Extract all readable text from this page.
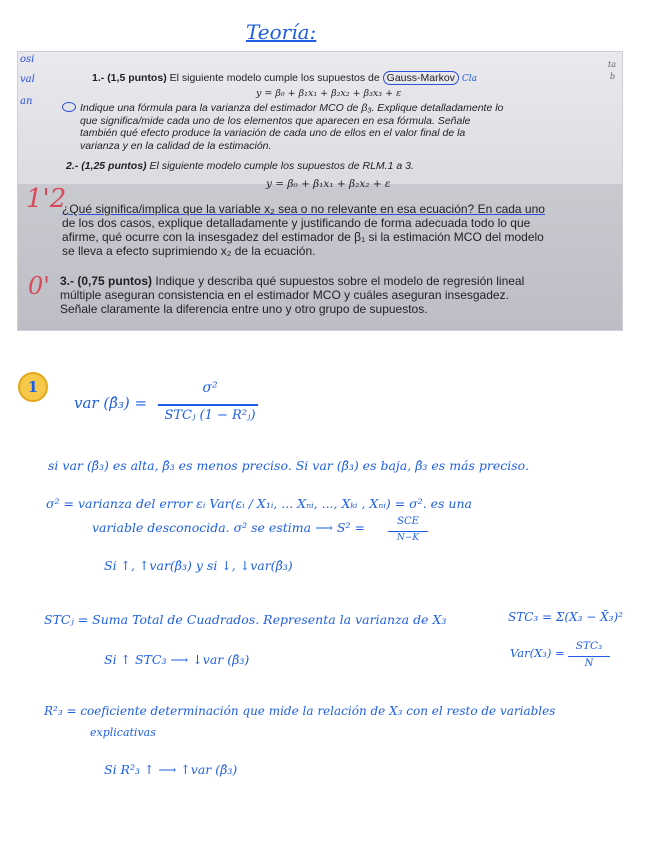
Teoría:
1.- (1,5 puntos) El siguiente modelo cumple los supuestos de Gauss-Markov Cla
y = β₀ + β₁x₁ + β₂x₂ + β₃x₃ + ε
Indique una fórmula para la varianza del estimador MCO de β₃. Explique detalladamente lo
que significa/mide cada uno de los elementos que aparecen en esa fórmula. Señale
también qué efecto produce la variación de cada uno de ellos en el valor final de la
varianza y en la calidad de la estimación.
2.- (1,25 puntos) El siguiente modelo cumple los supuestos de RLM.1 a 3.
y = β₀ + β₁x₁ + β₂x₂ + ε
1'2
¿Qué significa/implica que la variable x₂ sea o no relevante en esa ecuación? En cada uno
de los dos casos, explique detalladamente y justificando de forma adecuada todo lo que
afirme, qué ocurre con la insesgadez del estimador de β₁ si la estimación MCO del modelo
se lleva a efecto suprimiendo x₂ de la ecuación.
0' 3.- (0,75 puntos) Indique y describa qué supuestos sobre el modelo de regresión lineal
múltiple aseguran consistencia en el estimador MCO y cuáles aseguran insesgadez.
Señale claramente la diferencia entre uno y otro grupo de supuestos.
osi
val
an
ta
b
1
var (β̂₃) =
σ²
STCⱼ (1 − R²ⱼ)
si var (β̂₃) es alta, β̂₃ es menos preciso. Si var (β̂₃) es baja, β̂₃ es más preciso.
σ² = varianza del error εᵢ Var(εᵢ / X₁ᵢ, ... Xₙᵢ, ..., Xₖᵢ , Xₙᵢ) = σ². es una
variable desconocida. σ² se estima ⟶ S² =	SCE
N−K
Si ↑, ↑var(β̂₃) y si ↓, ↓var(β̂₃)
STCⱼ = Suma Total de Cuadrados. Representa la varianza de X₃	STC₃ = Σ(X₃ − X̄₃)²
Si ↑ STC₃ ⟶ ↓var (β̂₃)	Var(X₃) =	STC₃
N
R²₃ = coeficiente determinación que mide la relación de X₃ con el resto de variables
explicativas
Si R²₃ ↑ ⟶ ↑var (β̂₃)
